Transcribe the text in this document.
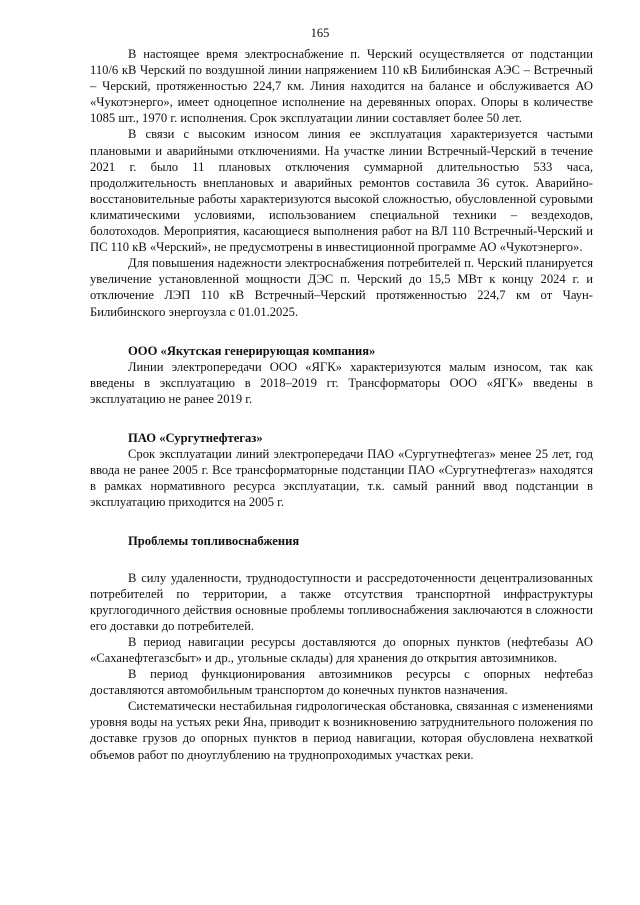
165

В настоящее время электроснабжение п. Черский осуществляется от подстанции 110/6 кВ Черский по воздушной линии напряжением 110 кВ Билибинская АЭС – Встречный – Черский, протяженностью 224,7 км. Линия находится на балансе и обслуживается АО «Чукотэнерго», имеет одноцепное исполнение на деревянных опорах. Опоры в количестве 1085 шт., 1970 г. исполнения. Срок эксплуатации линии составляет более 50 лет.

В связи с высоким износом линия ее эксплуатация характеризуется частыми плановыми и аварийными отключениями. На участке линии Встречный-Черский в течение 2021 г. было 11 плановых отключения суммарной длительностью 533 часа, продолжительность внеплановых и аварийных ремонтов составила 36 суток. Аварийно-восстановительные работы характеризуются высокой сложностью, обусловленной суровыми климатическими условиями, использованием специальной техники – вездеходов, болотоходов. Мероприятия, касающиеся выполнения работ на ВЛ 110 Встречный-Черский и ПС 110 кВ «Черский», не предусмотрены в инвестиционной программе АО «Чукотэнерго».

Для повышения надежности электроснабжения потребителей п. Черский планируется увеличение установленной мощности ДЭС п. Черский до 15,5 МВт к концу 2024 г. и отключение ЛЭП 110 кВ Встречный–Черский протяженностью 224,7 км от Чаун-Билибинского энергоузла с 01.01.2025.

ООО «Якутская генерирующая компания»

Линии электропередачи ООО «ЯГК» характеризуются малым износом, так как введены в эксплуатацию в 2018–2019 гг. Трансформаторы ООО «ЯГК» введены в эксплуатацию не ранее 2019 г.

ПАО «Сургутнефтегаз»

Срок эксплуатации линий электропередачи ПАО «Сургутнефтегаз» менее 25 лет, год ввода не ранее 2005 г. Все трансформаторные подстанции ПАО «Сургутнефтегаз» находятся в рамках нормативного ресурса эксплуатации, т.к. самый ранний ввод подстанции в эксплуатацию приходится на 2005 г.

Проблемы топливоснабжения

В силу удаленности, труднодоступности и рассредоточенности децентрализованных потребителей по территории, а также отсутствия транспортной инфраструктуры круглогодичного действия основные проблемы топливоснабжения заключаются в сложности его доставки до потребителей.

В период навигации ресурсы доставляются до опорных пунктов (нефтебазы АО «Саханефтегазсбыт» и др., угольные склады) для хранения до открытия автозимников.

В период функционирования автозимников ресурсы с опорных нефтебаз доставляются автомобильным транспортом до конечных пунктов назначения.

Систематически нестабильная гидрологическая обстановка, связанная с изменениями уровня воды на устьях реки Яна, приводит к возникновению затруднительного положения по доставке грузов до опорных пунктов в период навигации, которая обусловлена нехваткой объемов работ по дноуглублению на труднопроходимых участках реки.
